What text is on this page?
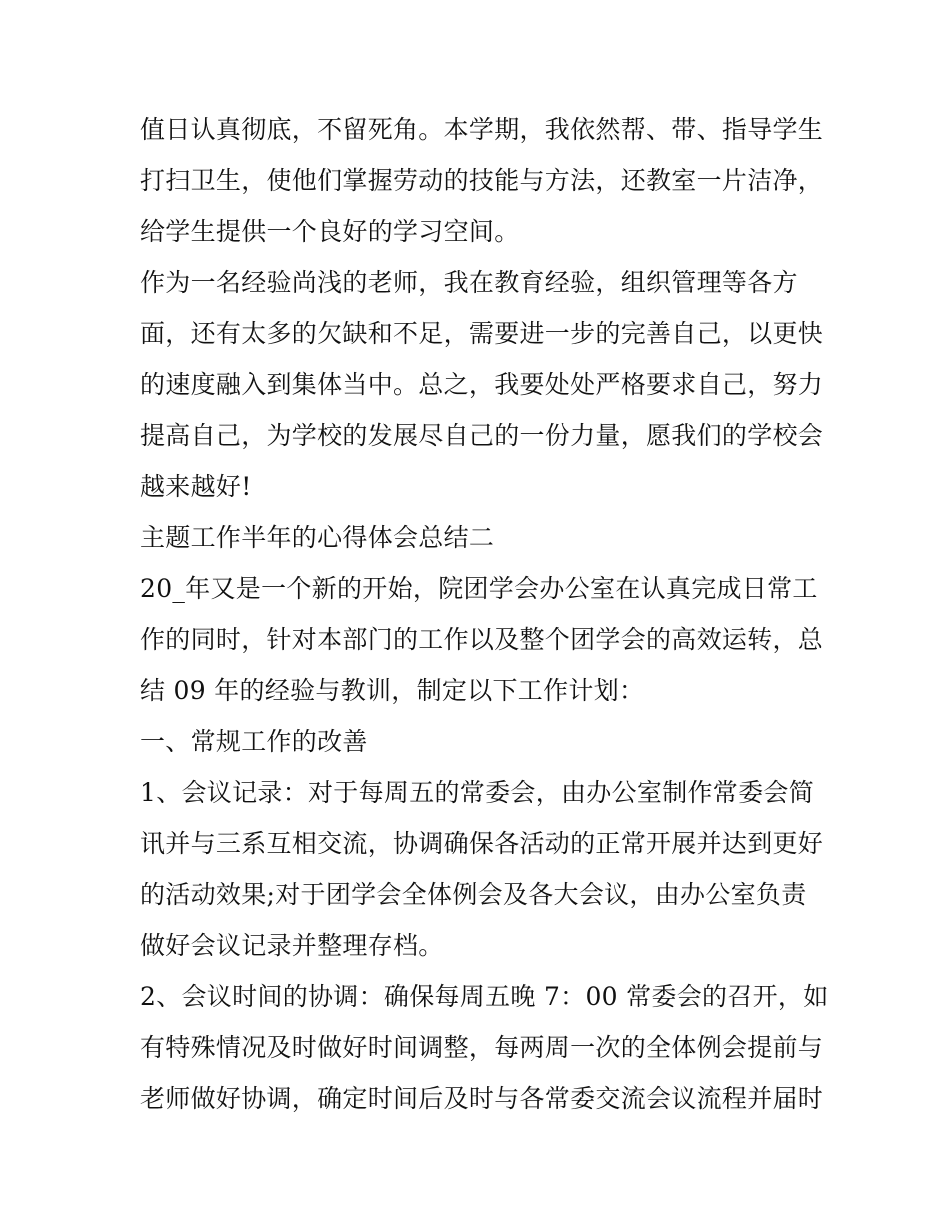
值日认真彻底，不留死角。本学期，我依然帮、带、指导学生
打扫卫生，使他们掌握劳动的技能与方法，还教室一片洁净，
给学生提供一个良好的学习空间。
作为一名经验尚浅的老师，我在教育经验，组织管理等各方
面，还有太多的欠缺和不足，需要进一步的完善自己，以更快
的速度融入到集体当中。总之，我要处处严格要求自己，努力
提高自己，为学校的发展尽自己的一份力量，愿我们的学校会
越来越好!
主题工作半年的心得体会总结二
20_年又是一个新的开始，院团学会办公室在认真完成日常工
作的同时，针对本部门的工作以及整个团学会的高效运转，总
结 09 年的经验与教训，制定以下工作计划：
一、常规工作的改善
1、会议记录：对于每周五的常委会，由办公室制作常委会简
讯并与三系互相交流，协调确保各活动的正常开展并达到更好
的活动效果;对于团学会全体例会及各大会议，由办公室负责
做好会议记录并整理存档。
2、会议时间的协调：确保每周五晚 7：00 常委会的召开，如
有特殊情况及时做好时间调整，每两周一次的全体例会提前与
老师做好协调，确定时间后及时与各常委交流会议流程并届时
